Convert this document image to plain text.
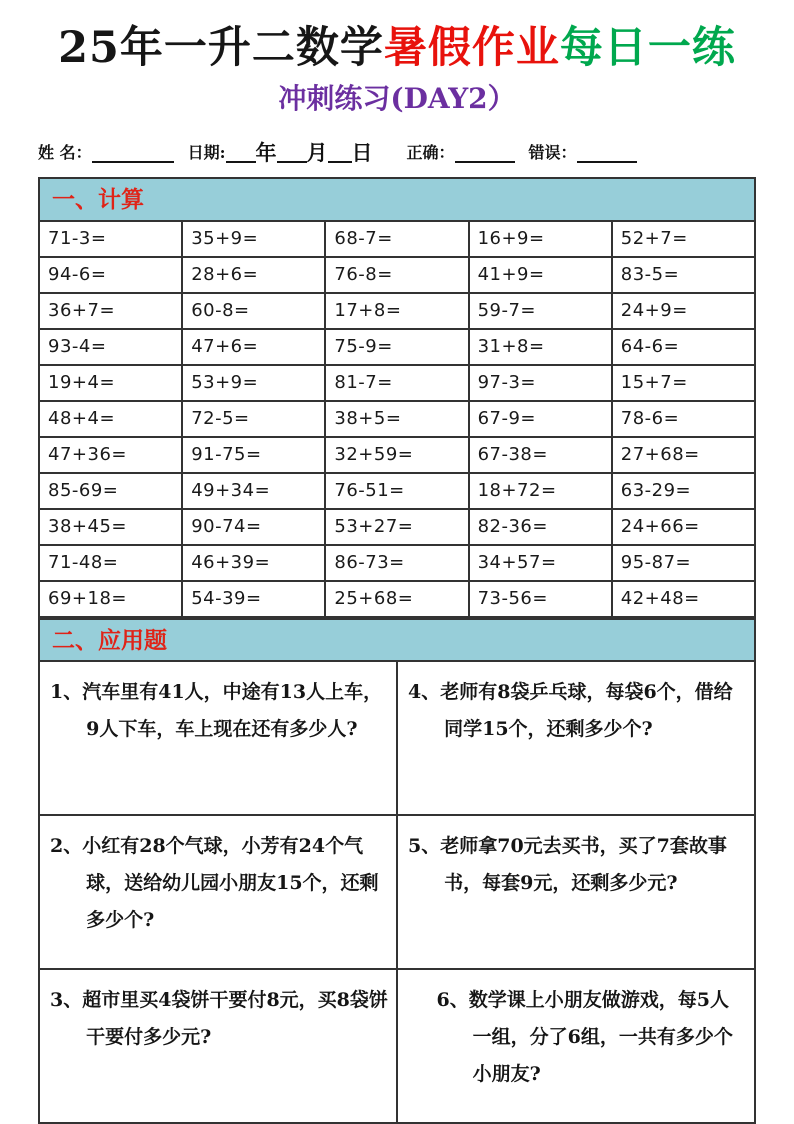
25年一升二数学暑假作业每日一练
冲刺练习(DAY2）
姓 名：	日期: 年 月 日 正确：	错误：
一、计算
71-3=	35+9=	68-7=	16+9=	52+7=
94-6=	28+6=	76-8=	41+9=	83-5=
36+7=	60-8=	17+8=	59-7=	24+9=
93-4=	47+6=	75-9=	31+8=	64-6=
19+4=	53+9=	81-7=	97-3=	15+7=
48+4=	72-5=	38+5=	67-9=	78-6=
47+36=	91-75=	32+59=	67-38=	27+68=
85-69=	49+34=	76-51=	18+72=	63-29=
38+45=	90-74=	53+27=	82-36=	24+66=
71-48=	46+39=	86-73=	34+57=	95-87=
69+18=	54-39=	25+68=	73-56=	42+48=
二、应用题
1、汽车里有41人，中途有13人上车，9人下车，车上现在还有多少人?	4、老师有8袋乒乓球，每袋6个，借给同学15个，还剩多少个?

2、小红有28个气球，小芳有24个气球，送给幼儿园小朋友15个，还剩多少个?	5、老师拿70元去买书，买了7套故事书，每套9元，还剩多少元?

3、超市里买4袋饼干要付8元，买8袋饼干要付多少元?	6、数学课上小朋友做游戏，每5人一组，分了6组，一共有多少个小朋友?
